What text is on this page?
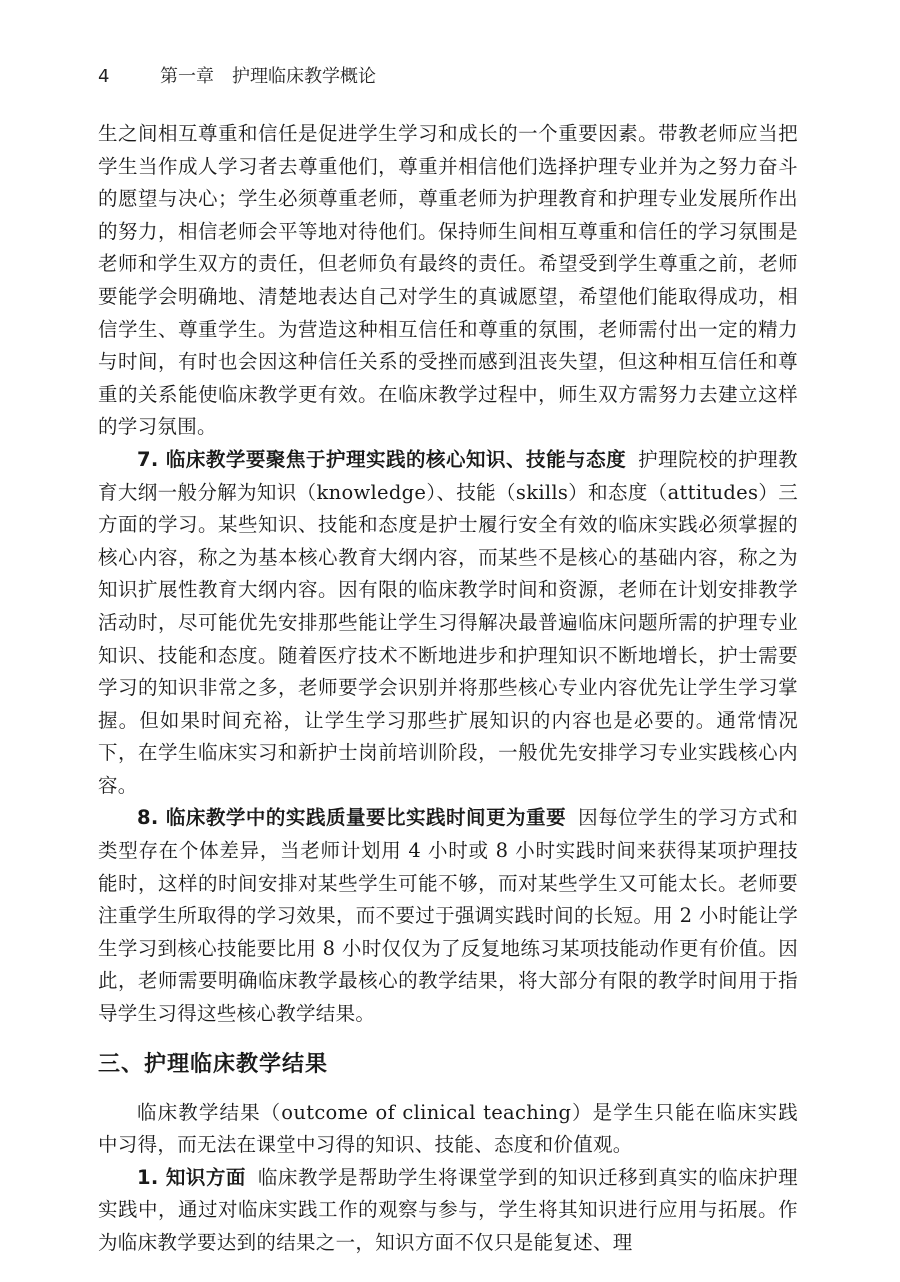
4	第一章 护理临床教学概论

生之间相互尊重和信任是促进学生学习和成长的一个重要因素。带教老师应当把学生当作成人学习者去尊重他们，尊重并相信他们选择护理专业并为之努力奋斗的愿望与决心；学生必须尊重老师，尊重老师为护理教育和护理专业发展所作出的努力，相信老师会平等地对待他们。保持师生间相互尊重和信任的学习氛围是老师和学生双方的责任，但老师负有最终的责任。希望受到学生尊重之前，老师要能学会明确地、清楚地表达自己对学生的真诚愿望，希望他们能取得成功，相信学生、尊重学生。为营造这种相互信任和尊重的氛围，老师需付出一定的精力与时间，有时也会因这种信任关系的受挫而感到沮丧失望，但这种相互信任和尊重的关系能使临床教学更有效。在临床教学过程中，师生双方需努力去建立这样的学习氛围。

7. 临床教学要聚焦于护理实践的核心知识、技能与态度 护理院校的护理教育大纲一般分解为知识（knowledge）、技能（skills）和态度（attitudes）三方面的学习。某些知识、技能和态度是护士履行安全有效的临床实践必须掌握的核心内容，称之为基本核心教育大纲内容，而某些不是核心的基础内容，称之为知识扩展性教育大纲内容。因有限的临床教学时间和资源，老师在计划安排教学活动时，尽可能优先安排那些能让学生习得解决最普遍临床问题所需的护理专业知识、技能和态度。随着医疗技术不断地进步和护理知识不断地增长，护士需要学习的知识非常之多，老师要学会识别并将那些核心专业内容优先让学生学习掌握。但如果时间充裕，让学生学习那些扩展知识的内容也是必要的。通常情况下，在学生临床实习和新护士岗前培训阶段，一般优先安排学习专业实践核心内容。

8. 临床教学中的实践质量要比实践时间更为重要 因每位学生的学习方式和类型存在个体差异，当老师计划用 4 小时或 8 小时实践时间来获得某项护理技能时，这样的时间安排对某些学生可能不够，而对某些学生又可能太长。老师要注重学生所取得的学习效果，而不要过于强调实践时间的长短。用 2 小时能让学生学习到核心技能要比用 8 小时仅仅为了反复地练习某项技能动作更有价值。因此，老师需要明确临床教学最核心的教学结果，将大部分有限的教学时间用于指导学生习得这些核心教学结果。

三、护理临床教学结果

临床教学结果（outcome of clinical teaching）是学生只能在临床实践中习得，而无法在课堂中习得的知识、技能、态度和价值观。

1. 知识方面 临床教学是帮助学生将课堂学到的知识迁移到真实的临床护理实践中，通过对临床实践工作的观察与参与，学生将其知识进行应用与拓展。作为临床教学要达到的结果之一，知识方面不仅只是能复述、理
